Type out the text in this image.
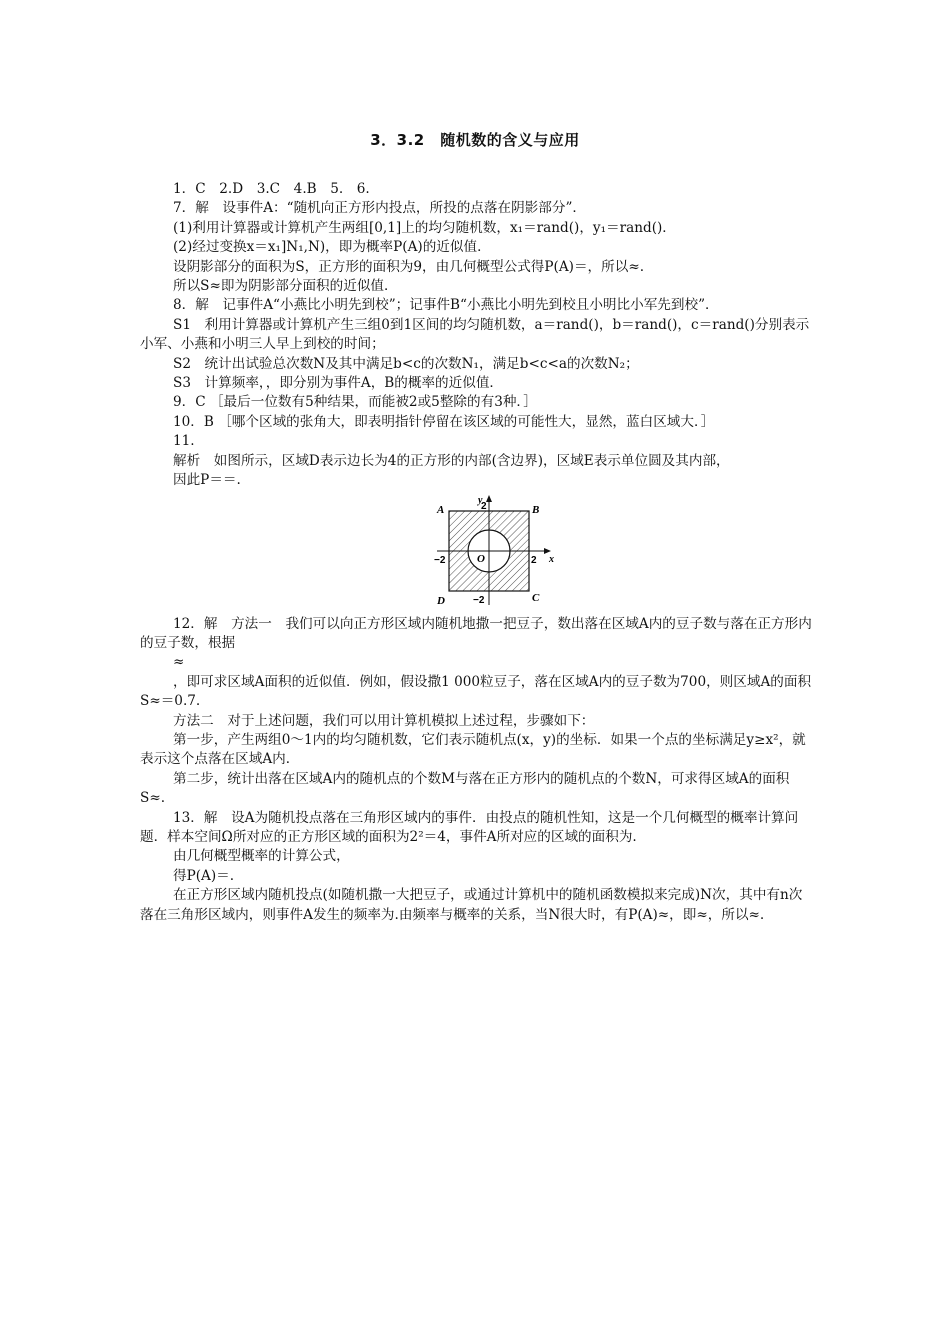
3．3.2　随机数的含义与应用

1．C　2.D　3.C　4.B　5.　6.

7．解　设事件A：“随机向正方形内投点，所投的点落在阴影部分”．

(1)利用计算器或计算机产生两组[0,1]上的均匀随机数，x₁＝rand()，y₁＝rand()．

(2)经过变换x＝x₁]N₁,N)，即为概率P(A)的近似值．

设阴影部分的面积为S，正方形的面积为9，由几何概型公式得P(A)＝，所以≈.

所以S≈即为阴影部分面积的近似值．

8．解　记事件A“小燕比小明先到校”；记事件B“小燕比小明先到校且小明比小军先到校”．

S1　利用计算器或计算机产生三组0到1区间的均匀随机数，a＝rand()，b＝rand()，c＝rand()分别表示小军、小燕和小明三人早上到校的时间；

S2　统计出试验总次数N及其中满足b<c的次数N₁，满足b<c<a的次数N₂；

S3　计算频率，，即分别为事件A，B的概率的近似值．

9．C ［最后一位数有5种结果，而能被2或5整除的有3种．］

10．B ［哪个区域的张角大，即表明指针停留在该区域的可能性大，显然，蓝白区域大．］

11.

解析　如图所示，区域D表示边长为4的正方形的内部(含边界)，区域E表示单位圆及其内部，

因此P＝＝.

A	B
C
D
O	x
y
2
2
−2
−2

12．解　方法一　我们可以向正方形区域内随机地撒一把豆子，数出落在区域A内的豆子数与落在正方形内的豆子数，根据

≈

，即可求区域A面积的近似值．例如，假设撒1 000粒豆子，落在区域A内的豆子数为700，则区域A的面积S≈＝0.7.

方法二　对于上述问题，我们可以用计算机模拟上述过程，步骤如下：

第一步，产生两组0～1内的均匀随机数，它们表示随机点(x，y)的坐标．如果一个点的坐标满足y≥x²，就表示这个点落在区域A内．

第二步，统计出落在区域A内的随机点的个数M与落在正方形内的随机点的个数N，可求得区域A的面积S≈.

13．解　设A为随机投点落在三角形区域内的事件．由投点的随机性知，这是一个几何概型的概率计算问题．样本空间Ω所对应的正方形区域的面积为2²＝4，事件A所对应的区域的面积为.

由几何概型概率的计算公式，

得P(A)＝.

在正方形区域内随机投点(如随机撒一大把豆子，或通过计算机中的随机函数模拟来完成)N次，其中有n次落在三角形区域内，则事件A发生的频率为.由频率与概率的关系，当N很大时，有P(A)≈，即≈，所以≈.
